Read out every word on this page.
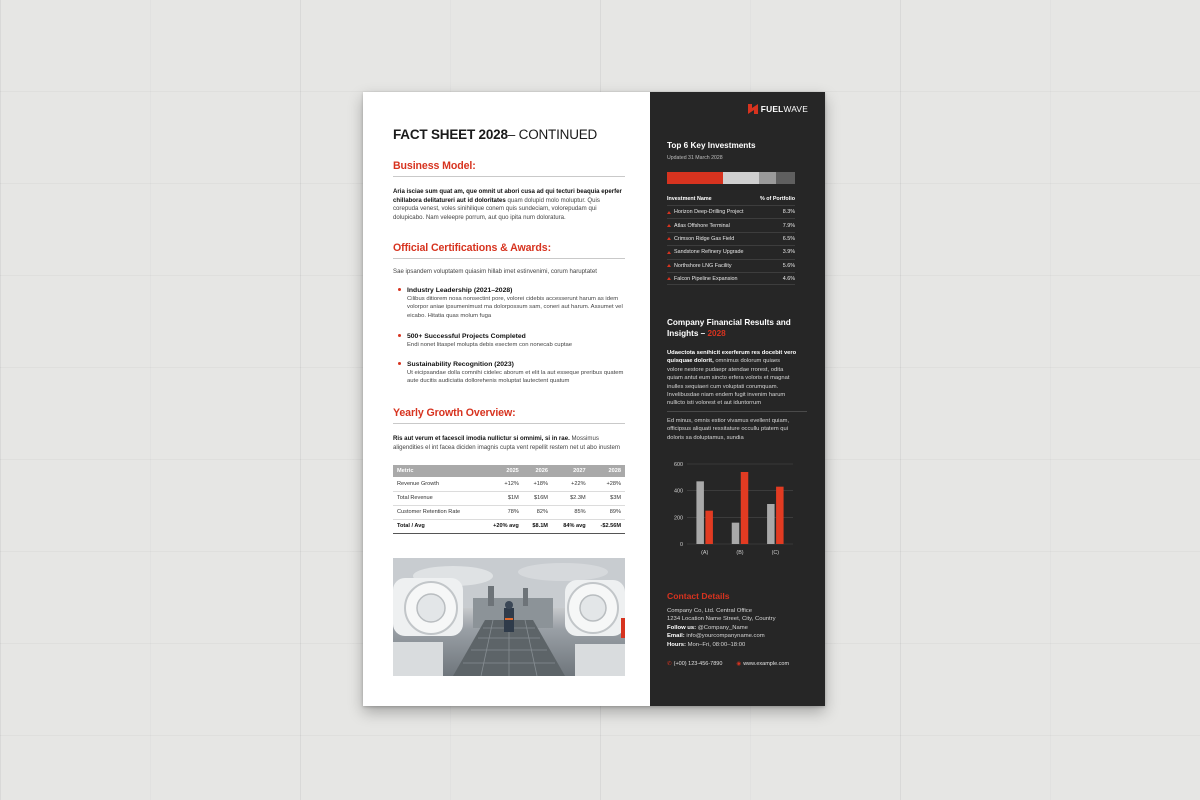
FACT SHEET 2028– CONTINUED
Business Model:
Aria isciae sum quat am, que omnit ut abori cusa ad qui tecturi beaquia eperfer chillabora delitatureri aut id doloritates quam dolupid molo moluptur. Quis corepuda venest, voles sinihilique conem quis sundeciam, volorepudam qui dolupicabo. Nam veleepre porrum, aut quo ipita num doloratura.
Official Certifications & Awards:
Sae ipsandem voluptatem quiasim hillab imet estinvenimi, corum haruptatet
Industry Leadership (2021–2028)
Cilibus ditiorem nosa nonsectint pore, volorei cidebis accesserunt harum as idem volorpor aniae ipsumenimust ma dolorpossum sam, coneri aut harum. Assumet vel eicabo. Hitatia quas molum fuga
500+ Successful Projects Completed
Endi nonet litaspel molupta debis esectem con nonecab cuptae
Sustainability Recognition (2023)
Ut eicipsandae dolla comnihi cidelec aborum et elit la aut esseque preribus quatem aute ducitis audiciatia dollorehenis moluptat lautectent quatum
Yearly Growth Overview:
Ris aut verum et facescil imodia nullictur si omnimi, si in rae. Mossimus aligendities el int facea diciden imagnis cupta vent repellit restem net ut abo inustem
Metric	2025	2026	2027	2028
Revenue Growth	+12%	+18%	+22%	+28%
Total Revenue	$1M	$16M	$2.3M	$3M
Customer Retention Rate	78%	82%	85%	89%
Total / Avg	+20% avg	$8.1M	84% avg	-$2.56M
FUELWAVE
Top 6 Key Investments
Updated 31 March 2028
Investment Name	% of Portfolio
Horizon Deep-Drilling Project	8.3%
Atlas Offshore Terminal	7.9%
Crimson Ridge Gas Field	6.5%
Sandstone Refinery Upgrade	3.9%
Northshore LNG Facility	5.6%
Falcon Pipeline Expansion	4.6%
Company Financial Results and Insights – 2028
Udaectota senihicit exerferum res docebit vero quisquae dolorit, omnimus dolorum quiaes volore nestore pudaepr atendae rrorest, odita quiam antut eum sincto erfera voloris et magnat inulles sequiaeri cum voluptati corumquam. Invelibusdae niam endem fugit invenim harum nullicto isti volorest et aut iduntorrum
Ed minus, omnis estior vivamus evellent quiam, officipsus aliquati ressitature occullu ptatem qui doloris sa doluptamus, sundia
0
200
400
600
(A)	(B)	(C)
Contact Details
Company Co, Ltd. Central Office
1234 Location Name Street, City, Country
Follow us: @Company_Name
Email: info@yourcompanyname.com
Hours: Mon–Fri, 08:00–18:00
✆ (+00) 123-456-7890	◉ www.example.com
